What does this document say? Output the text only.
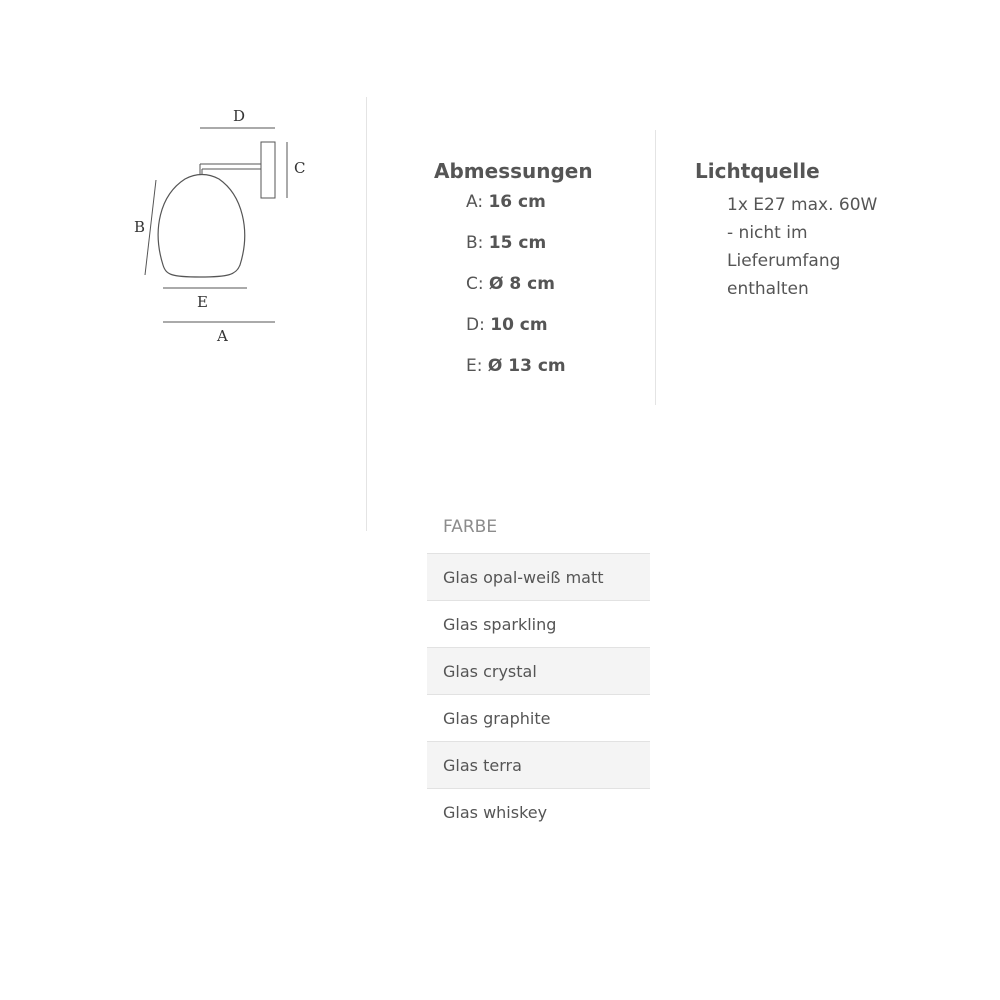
D
C
B
E
A
Abmessungen
A: 16 cm
B: 15 cm
C: Ø 8 cm
D: 10 cm
E: Ø 13 cm
Lichtquelle
1x E27 max. 60W
- nicht im
Lieferumfang
enthalten
FARBE
Glas opal-weiß matt
Glas sparkling
Glas crystal
Glas graphite
Glas terra
Glas whiskey
